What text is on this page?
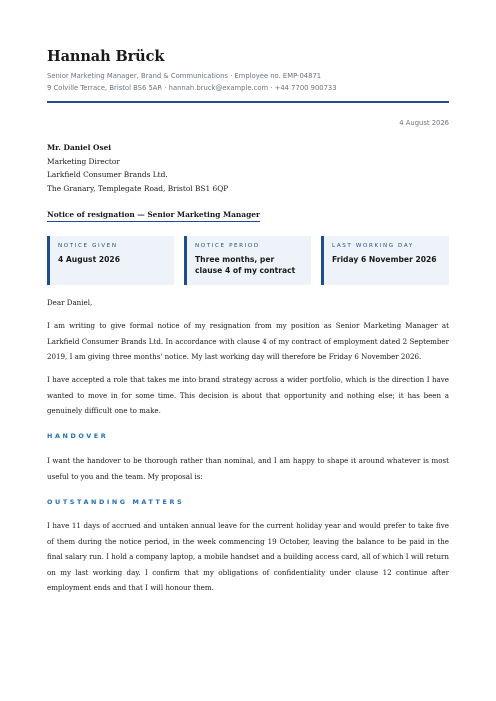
Hannah Brück
Senior Marketing Manager, Brand & Communications · Employee no. EMP-04871
9 Colville Terrace, Bristol BS6 5AR · hannah.bruck@example.com · +44 7700 900733
4 August 2026
Mr. Daniel Osei
Marketing Director
Larkfield Consumer Brands Ltd.
The Granary, Templegate Road, Bristol BS1 6QP
Notice of resignation — Senior Marketing Manager
NOTICE GIVEN
4 August 2026
NOTICE PERIOD
Three months, per clause 4 of my contract
LAST WORKING DAY
Friday 6 November 2026

Dear Daniel,

I am writing to give formal notice of my resignation from my position as Senior Marketing Manager at Larkfield Consumer Brands Ltd. In accordance with clause 4 of my contract of employment dated 2 September 2019, I am giving three months' notice. My last working day will therefore be Friday 6 November 2026.

I have accepted a role that takes me into brand strategy across a wider portfolio, which is the direction I have wanted to move in for some time. This decision is about that opportunity and nothing else; it has been a genuinely difficult one to make.

HANDOVER

I want the handover to be thorough rather than nominal, and I am happy to shape it around whatever is most useful to you and the team. My proposal is:

OUTSTANDING MATTERS

I have 11 days of accrued and untaken annual leave for the current holiday year and would prefer to take five of them during the notice period, in the week commencing 19 October, leaving the balance to be paid in the final salary run. I hold a company laptop, a mobile handset and a building access card, all of which I will return on my last working day. I confirm that my obligations of confidentiality under clause 12 continue after employment ends and that I will honour them.
